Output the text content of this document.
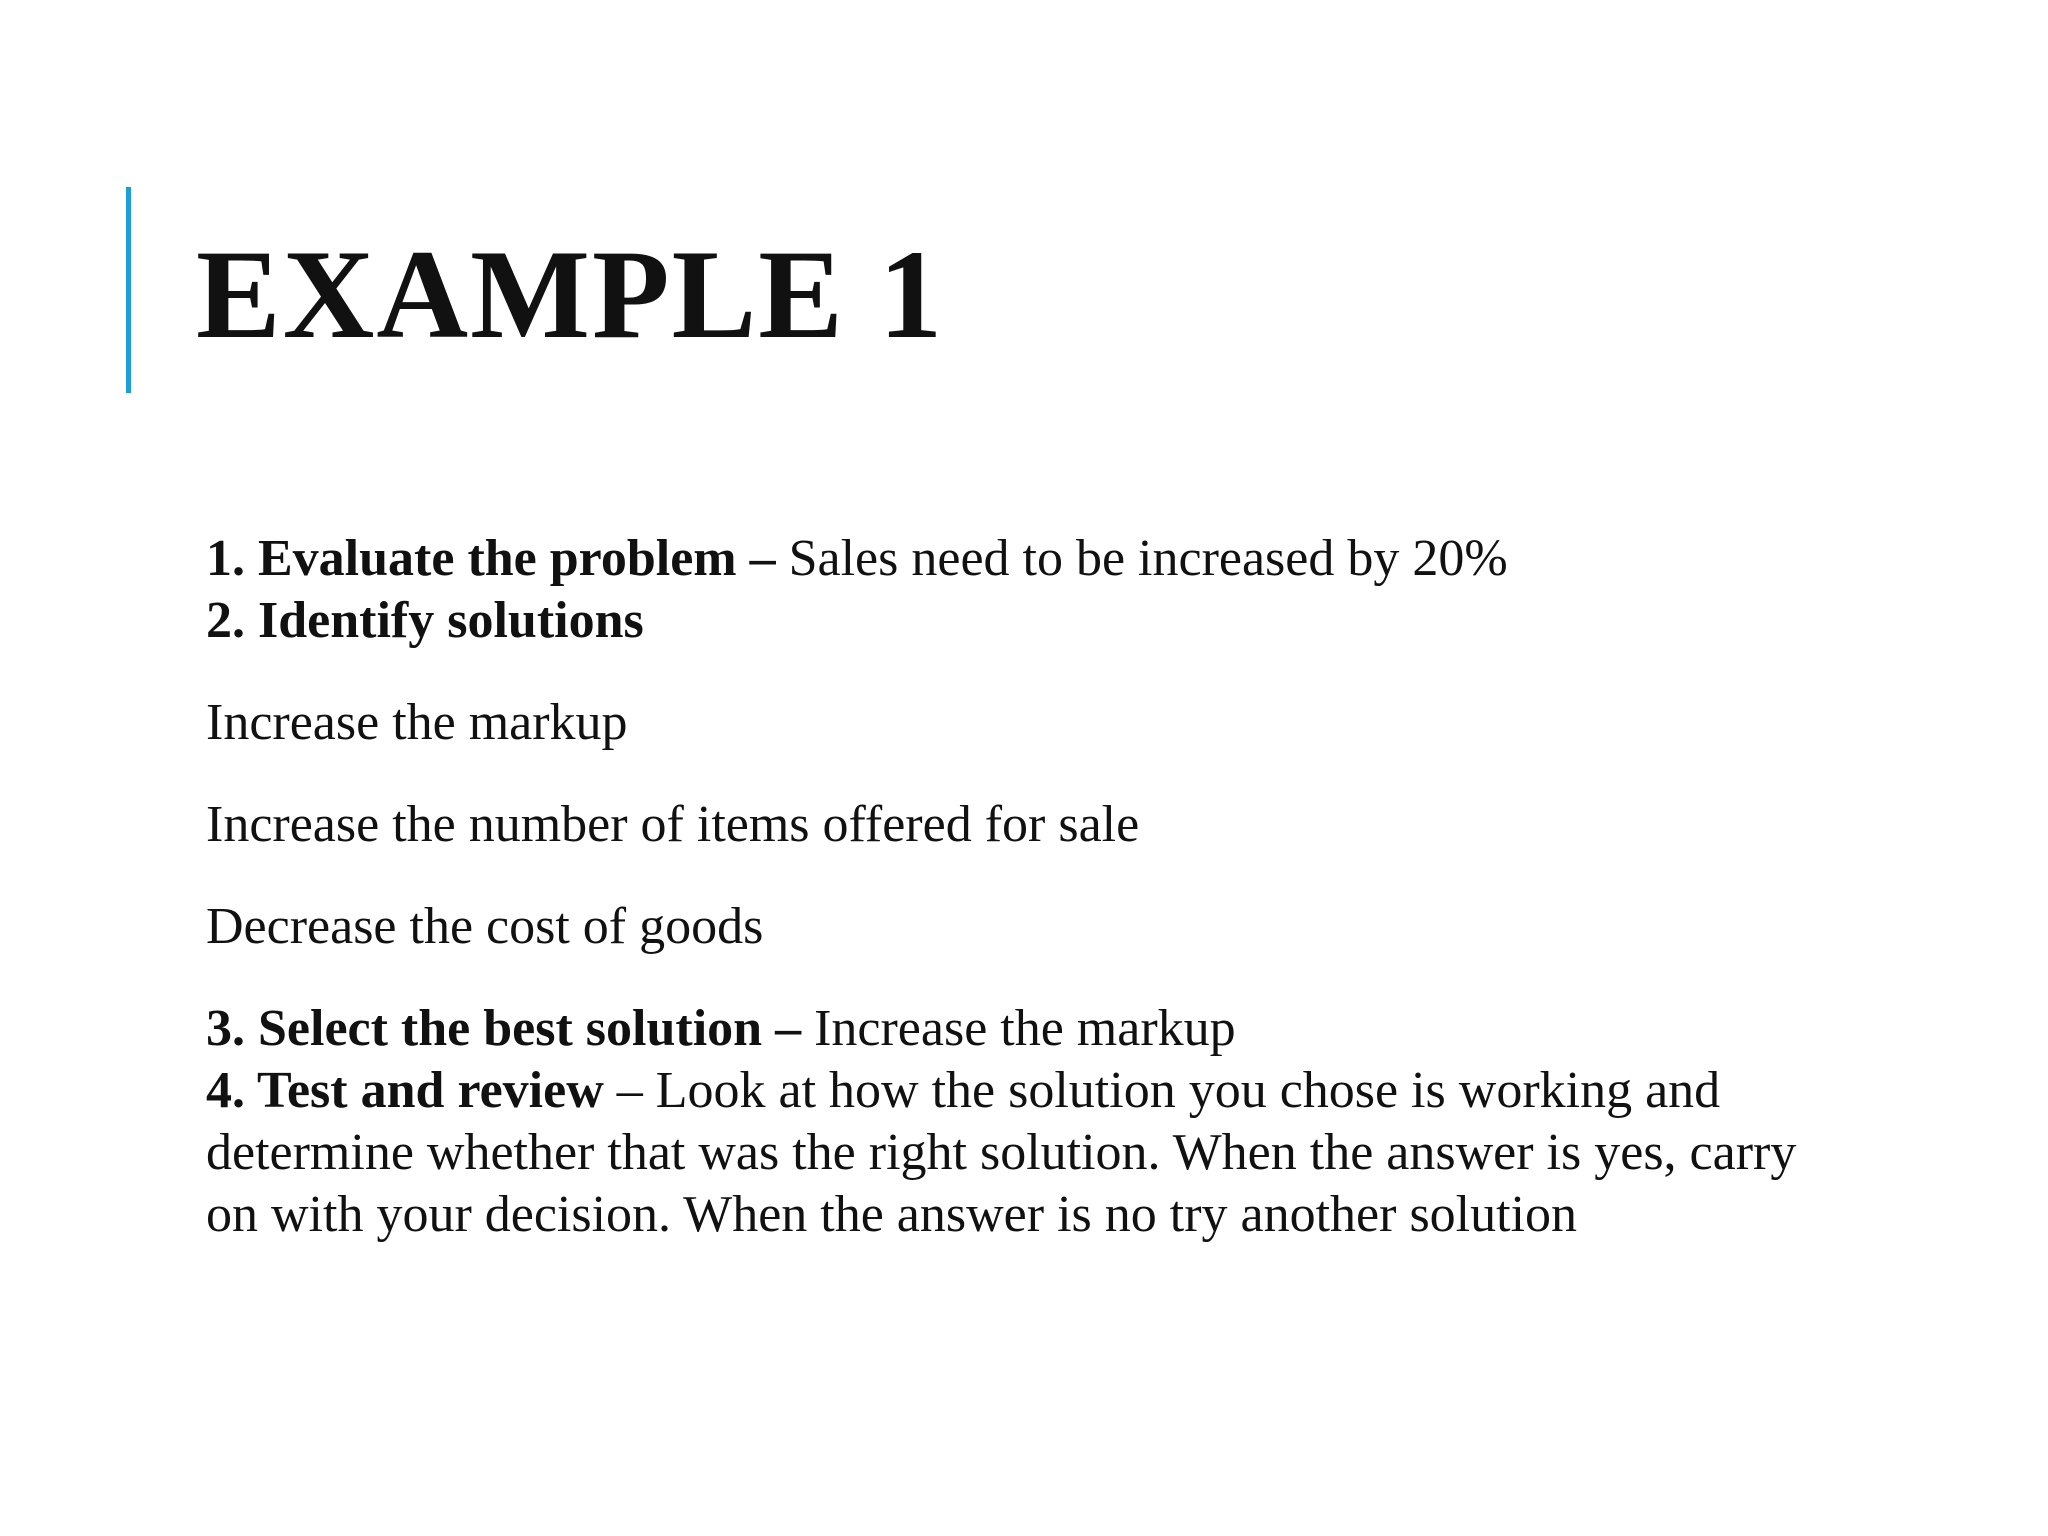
EXAMPLE 1

1. Evaluate the problem – Sales need to be increased by 20%

2. Identify solutions

Increase the markup

Increase the number of items offered for sale

Decrease the cost of goods

3. Select the best solution – Increase the markup

4. Test and review – Look at how the solution you chose is working and determine whether that was the right solution. When the answer is yes, carry on with your decision. When the answer is no try another solution
